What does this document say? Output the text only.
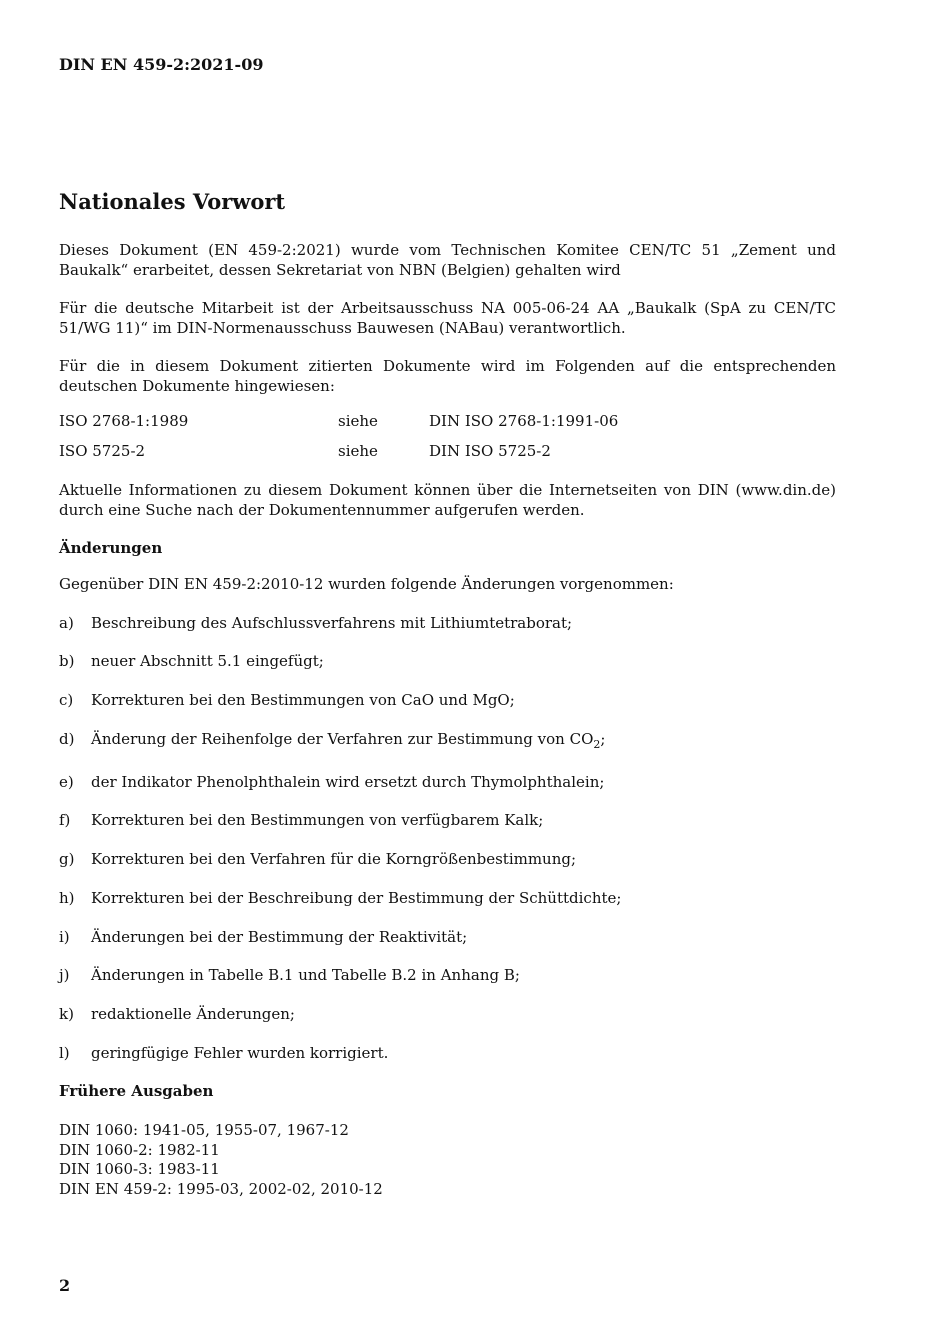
DIN EN 459-2:2021-09
Nationales Vorwort

Dieses Dokument (EN 459-2:2021) wurde vom Technischen Komitee CEN/TC 51 „Zement und Baukalk“ erarbeitet, dessen Sekretariat von NBN (Belgien) gehalten wird

Für die deutsche Mitarbeit ist der Arbeitsausschuss NA 005-06-24 AA „Baukalk (SpA zu CEN/TC 51/WG 11)“ im DIN-Normenausschuss Bauwesen (NABau) verantwortlich.

Für die in diesem Dokument zitierten Dokumente wird im Folgenden auf die entsprechenden deutschen Dokumente hingewiesen:

ISO 2768-1:1989	siehe	DIN ISO 2768-1:1991-06
ISO 5725-2	siehe	DIN ISO 5725-2

Aktuelle Informationen zu diesem Dokument können über die Internetseiten von DIN (www.din.de) durch eine Suche nach der Dokumentennummer aufgerufen werden.

Änderungen
Gegenüber DIN EN 459-2:2010-12 wurden folgende Änderungen vorgenommen:
a) Beschreibung des Aufschlussverfahrens mit Lithiumtetraborat;
b) neuer Abschnitt 5.1 eingefügt;
c) Korrekturen bei den Bestimmungen von CaO und MgO;
d) Änderung der Reihenfolge der Verfahren zur Bestimmung von $CO_2$;
e) der Indikator Phenolphthalein wird ersetzt durch Thymolphthalein;
f) Korrekturen bei den Bestimmungen von verfügbarem Kalk;
g) Korrekturen bei den Verfahren für die Korngrößenbestimmung;
h) Korrekturen bei der Beschreibung der Bestimmung der Schüttdichte;
i) Änderungen bei der Bestimmung der Reaktivität;
j) Änderungen in Tabelle B.1 und Tabelle B.2 in Anhang B;
k) redaktionelle Änderungen;
l) geringfügige Fehler wurden korrigiert.
Frühere Ausgaben
DIN 1060: 1941-05, 1955-07, 1967-12
DIN 1060-2: 1982-11
DIN 1060-3: 1983-11
DIN EN 459-2: 1995-03, 2002-02, 2010-12
2
